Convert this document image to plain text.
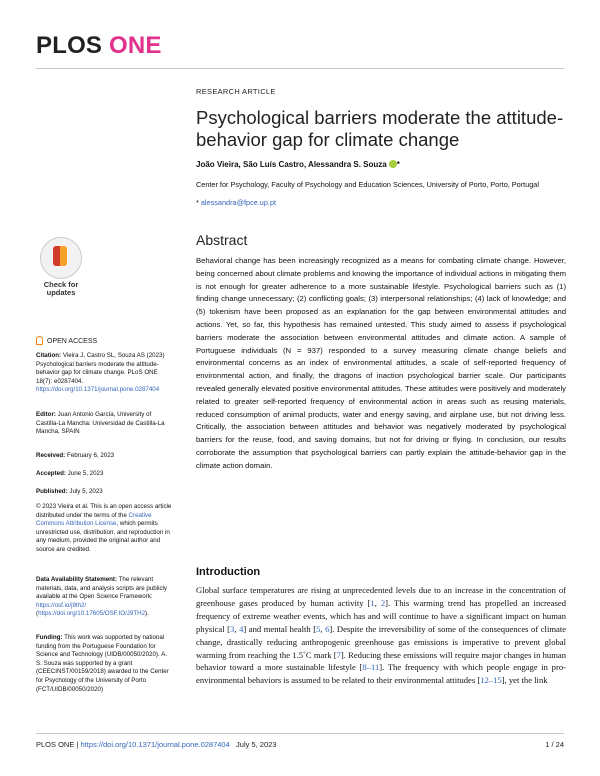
PLOS ONE
RESEARCH ARTICLE
Psychological barriers moderate the attitude-behavior gap for climate change
João Vieira, São Luís Castro, Alessandra S. Souza *
Center for Psychology, Faculty of Psychology and Education Sciences, University of Porto, Porto, Portugal
* alessandra@fpce.up.pt
Check for
updates
OPEN ACCESS
Citation: Vieira J, Castro SL, Souza AS (2023) Psychological barriers moderate the attitude-behavior gap for climate change. PLoS ONE 18(7): e0287404. https://doi.org/10.1371/journal.pone.0287404
Editor: Juan Antonio García, University of Castilla-La Mancha: Universidad de Castilla-La Mancha, SPAIN
Received: February 6, 2023
Accepted: June 5, 2023
Published: July 5, 2023
© 2023 Vieira et al. This is an open access article distributed under the terms of the Creative Commons Attribution License, which permits unrestricted use, distribution, and reproduction in any medium, provided the original author and source are credited.
Data Availability Statement: The relevant materials, data, and analysis scripts are publicly available at the Open Science Framework: https://osf.io/j9th2/ (https://doi.org/10.17605/OSF.IO/J9TH2).
Funding: This work was supported by national funding from the Portuguese Foundation for Science and Technology (UIDB/00050/2020). A. S. Souza was supported by a grant (CEECINST/00159/2018) awarded to the Center for Psychology of the University of Porto (FCT/UIDB/00050/2020)
Abstract
Behavioral change has been increasingly recognized as a means for combating climate change. However, being concerned about climate problems and knowing the importance of individual actions in mitigating them is not enough for greater adherence to a more sustainable lifestyle. Psychological barriers such as (1) finding change unnecessary; (2) conflicting goals; (3) interpersonal relationships; (4) lack of knowledge; and (5) tokenism have been proposed as an explanation for the gap between environmental attitudes and actions. Yet, so far, this hypothesis has remained untested. This study aimed to assess if psychological barriers moderate the association between environmental attitudes and climate action. A sample of Portuguese individuals (N = 937) responded to a survey measuring climate change beliefs and environmental concerns as an index of environmental attitudes, a scale of self-reported frequency of environmental action, and finally, the dragons of inaction psychological barrier scale. Our participants revealed generally elevated positive environmental attitudes. These attitudes were positively and moderately related to greater self-reported frequency of environmental action in areas such as reusing materials, reduced consumption of animal products, water and energy saving, and airplane use, but not driving less. Critically, the association between attitudes and behavior was negatively moderated by psychological barriers for the reuse, food, and saving domains, but not for driving or flying. In conclusion, our results corroborate the assumption that psychological barriers can partly explain the attitude-behavior gap in the climate action domain.
Introduction
Global surface temperatures are rising at unprecedented levels due to an increase in the concentration of greenhouse gases produced by human activity [1, 2]. This warming trend has propelled an increased frequency of extreme weather events, which has and will continue to have a significant impact on human physical [3, 4] and mental health [5, 6]. Despite the irreversibility of some of the consequences of climate change, drastically reducing anthropogenic greenhouse gas emissions is imperative to prevent global warming from reaching the 1.5˚C mark [7]. Reducing these emissions will require major changes in human behavior toward a more sustainable lifestyle [8–11]. The frequency with which people engage in pro-environmental behaviors is assumed to be related to their environmental attitudes [12–15], yet the link
PLOS ONE | https://doi.org/10.1371/journal.pone.0287404 July 5, 2023	1 / 24
